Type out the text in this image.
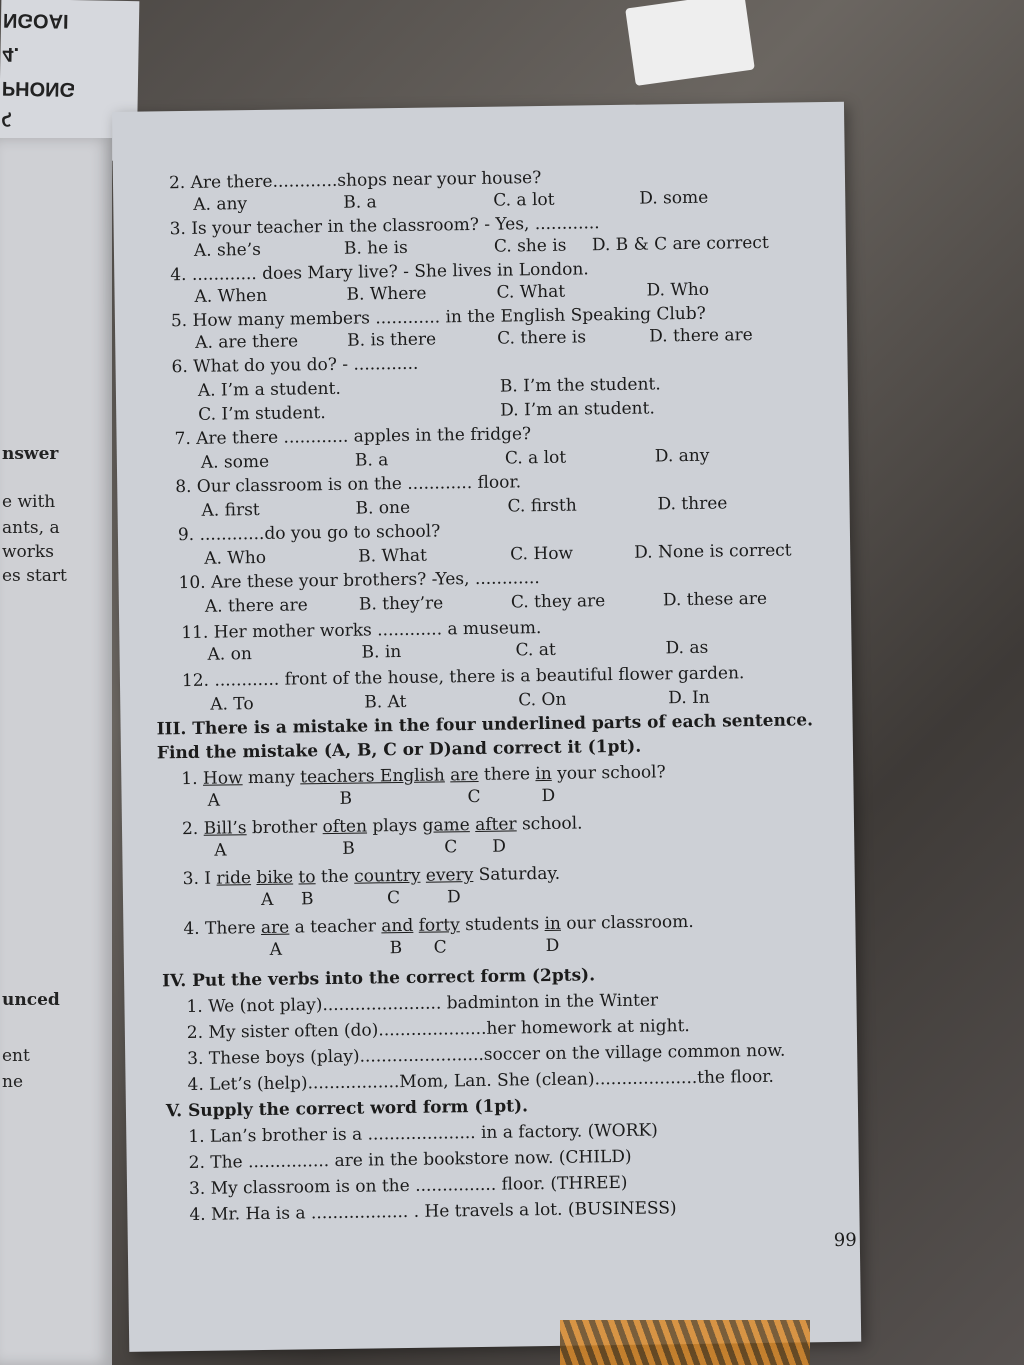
ς
PHONG
4.
NGOAI
nswer
e with
ants, a
works
es start
unced
ent
ne
2. Are there............shops near your house?
A. any	B. a	C. a lot	D. some
3. Is your teacher in the classroom? - Yes, ............
A. she’s	B. he is	C. she is D. B & C are correct
4. ............ does Mary live? - She lives in London.
A. When	B. Where	C. What	D. Who
5. How many members ............ in the English Speaking Club?
A. are there	B. is there	C. there is	D. there are
6. What do you do? - ............
A. I’m a student.	B. I’m the student.
C. I’m student.	D. I’m an student.
7. Are there ............ apples in the fridge?
A. some	B. a	C. a lot	D. any
8. Our classroom is on the ............ floor.
A. first	B. one	C. firsth	D. three
9. ............do you go to school?
A. Who	B. What	C. How	D. None is correct
10. Are these your brothers? -Yes, ............
A. there are	B. they’re	C. they are	D. these are
11. Her mother works ............ a museum.
A. on	B. in	C. at	D. as
12. ............ front of the house, there is a beautiful flower garden.
A. To	B. At	C. On	D. In
III. There is a mistake in the four underlined parts of each sentence.
Find the mistake (A, B, C or D)and correct it (1pt).
1. How many teachers English are there in your school?
A	B	C	D
2. Bill’s brother often plays game after school.
A	B	C D
3. I ride bike to the country every Saturday.
A B	C	D
4. There are a teacher and forty students in our classroom.
A	B C	D
IV. Put the verbs into the correct form (2pts).
1. We (not play)...................... badminton in the Winter
2. My sister often (do)....................her homework at night.
3. These boys (play).......................soccer on the village common now.
4. Let’s (help).................Mom, Lan. She (clean)...................the floor.
V. Supply the correct word form (1pt).
1. Lan’s brother is a .................... in a factory. (WORK)
2. The ............... are in the bookstore now. (CHILD)
3. My classroom is on the ............... floor. (THREE)
4. Mr. Ha is a .................. . He travels a lot. (BUSINESS)
99
